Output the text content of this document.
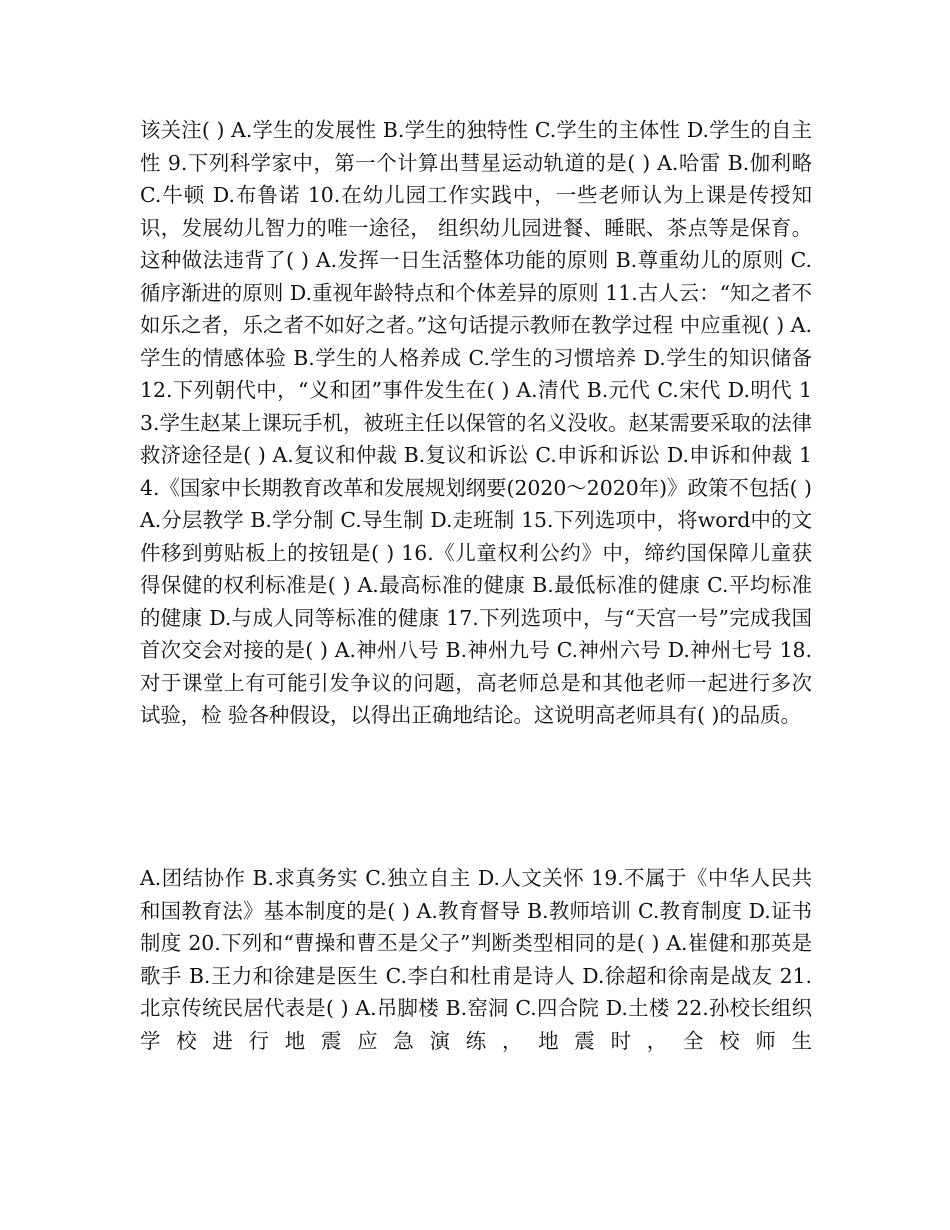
该关注( ) A.学生的发展性 B.学生的独特性 C.学生的主体性 D.学生的自主性 9.下列科学家中，第一个计算出彗星运动轨道的是( ) A.哈雷 B.伽利略 C.牛顿 D.布鲁诺 10.在幼儿园工作实践中，一些老师认为上课是传授知识，发展幼儿智力的唯一途径， 组织幼儿园进餐、睡眠、茶点等是保育。这种做法违背了( ) A.发挥一日生活整体功能的原则 B.尊重幼儿的原则 C.循序渐进的原则 D.重视年龄特点和个体差异的原则 11.古人云：“知之者不如乐之者，乐之者不如好之者。”这句话提示教师在教学过程 中应重视( ) A.学生的情感体验 B.学生的人格养成 C.学生的习惯培养 D.学生的知识储备 12.下列朝代中，“义和团”事件发生在( ) A.清代 B.元代 C.宋代 D.明代 13.学生赵某上课玩手机，被班主任以保管的名义没收。赵某需要采取的法律救济途径是( ) A.复议和仲裁 B.复议和诉讼 C.申诉和诉讼 D.申诉和仲裁 14.《国家中长期教育改革和发展规划纲要(2020～2020年)》政策不包括( ) A.分层教学 B.学分制 C.导生制 D.走班制 15.下列选项中，将word中的文件移到剪贴板上的按钮是( ) 16.《儿童权利公约》中，缔约国保障儿童获得保健的权利标准是( ) A.最高标准的健康 B.最低标准的健康 C.平均标准的健康 D.与成人同等标准的健康 17.下列选项中，与“天宫一号”完成我国首次交会对接的是( ) A.神州八号 B.神州九号 C.神州六号 D.神州七号 18.对于课堂上有可能引发争议的问题，高老师总是和其他老师一起进行多次试验，检 验各种假设，以得出正确地结论。这说明高老师具有( )的品质。

A.团结协作 B.求真务实 C.独立自主 D.人文关怀 19.不属于《中华人民共和国教育法》基本制度的是( ) A.教育督导 B.教师培训 C.教育制度 D.证书制度 20.下列和“曹操和曹丕是父子”判断类型相同的是( ) A.崔健和那英是歌手 B.王力和徐建是医生 C.李白和杜甫是诗人 D.徐超和徐南是战友 21.北京传统民居代表是( ) A.吊脚楼 B.窑洞 C.四合院 D.土楼 22.孙校长组织学校进行地震应急演练，地震时，全校师生
